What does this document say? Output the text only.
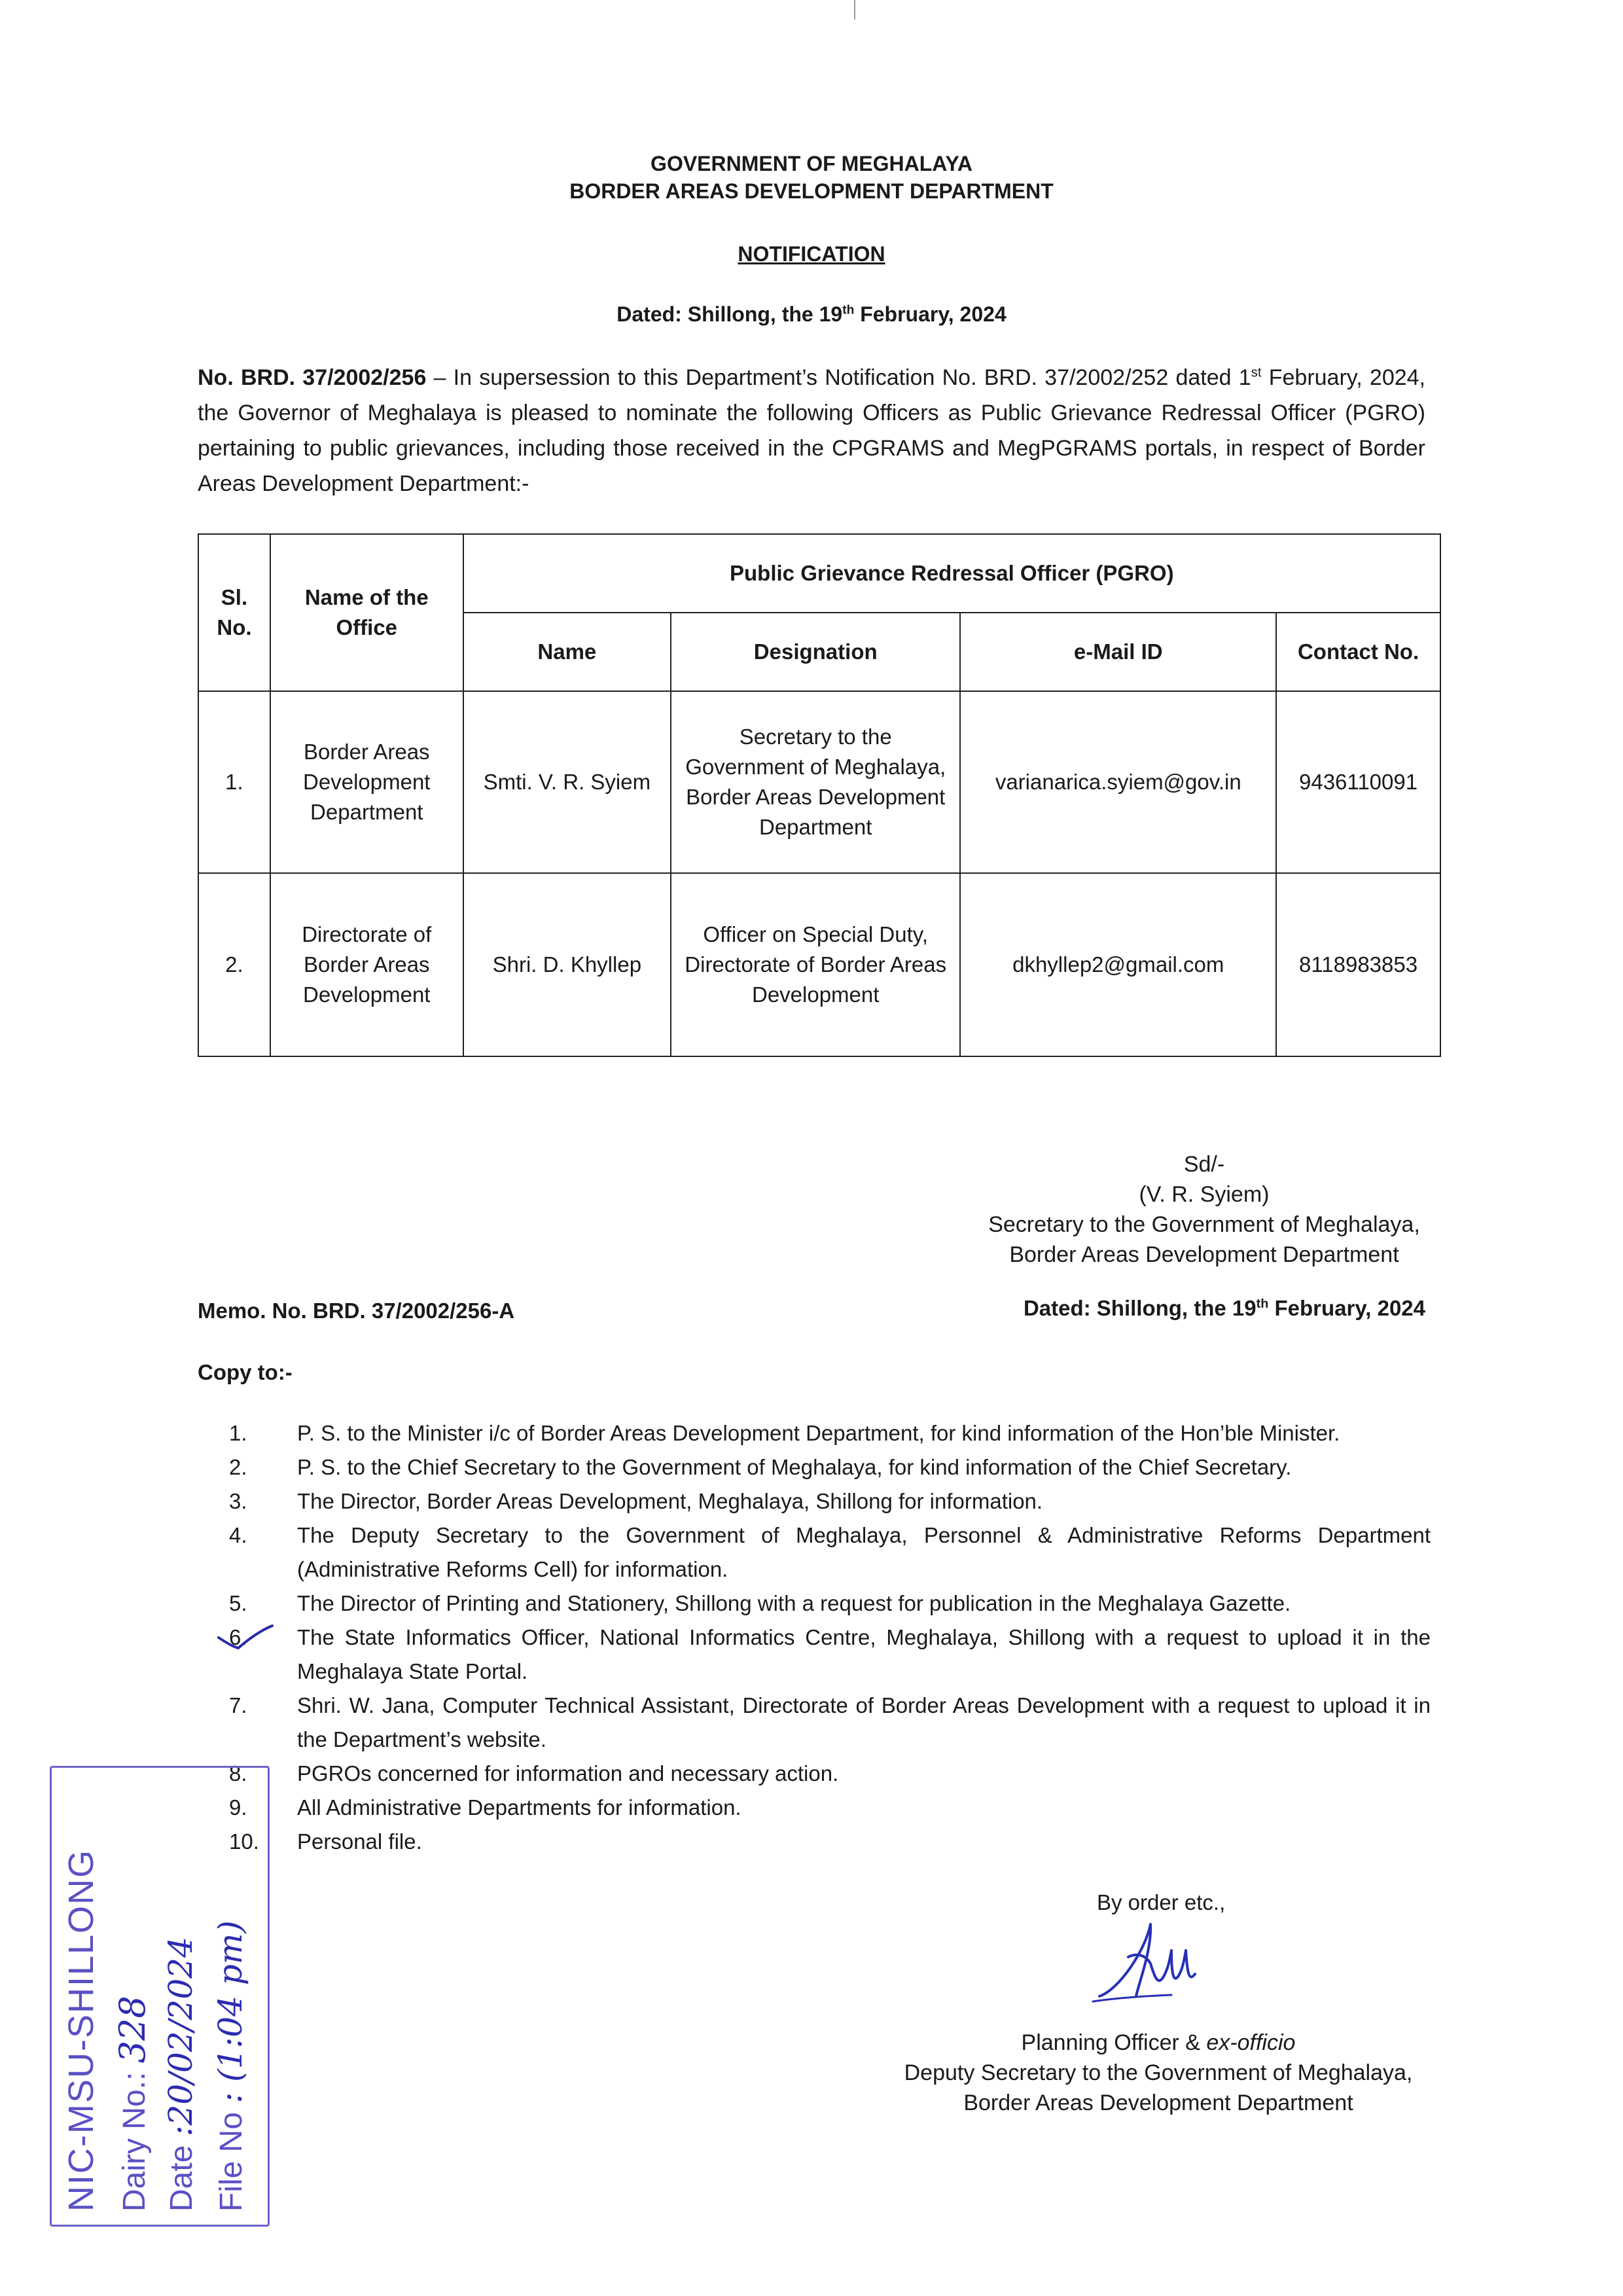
GOVERNMENT OF MEGHALAYA
BORDER AREAS DEVELOPMENT DEPARTMENT
NOTIFICATION
Dated: Shillong, the 19th February, 2024
No. BRD. 37/2002/256 – In supersession to this Department’s Notification No. BRD. 37/2002/252 dated 1st February, 2024, the Governor of Meghalaya is pleased to nominate the following Officers as Public Grievance Redressal Officer (PGRO) pertaining to public grievances, including those received in the CPGRAMS and MegPGRAMS portals, in respect of Border Areas Development Department:-
Sl. No.	Name of the Office	Public Grievance Redressal Officer (PGRO)			
		Name	Designation	e-Mail ID	Contact No.
1.	Border Areas Development Department	Smti. V. R. Syiem	Secretary to the Government of Meghalaya, Border Areas Development Department	varianarica.syiem@gov.in	9436110091
2.	Directorate of Border Areas Development	Shri. D. Khyllep	Officer on Special Duty, Directorate of Border Areas Development	dkhyllep2@gmail.com	8118983853
Sd/-
(V. R. Syiem)
Secretary to the Government of Meghalaya,
Border Areas Development Department
Memo. No. BRD. 37/2002/256-A	Dated: Shillong, the 19th February, 2024
Copy to:-
1.	P. S. to the Minister i/c of Border Areas Development Department, for kind information of the Hon’ble Minister.
2.	P. S. to the Chief Secretary to the Government of Meghalaya, for kind information of the Chief Secretary.
3.	The Director, Border Areas Development, Meghalaya, Shillong for information.
4.	The Deputy Secretary to the Government of Meghalaya, Personnel & Administrative Reforms Department (Administrative Reforms Cell) for information.
5.	The Director of Printing and Stationery, Shillong with a request for publication in the Meghalaya Gazette.
6.	The State Informatics Officer, National Informatics Centre, Meghalaya, Shillong with a request to upload it in the Meghalaya State Portal.
7.	Shri. W. Jana, Computer Technical Assistant, Directorate of Border Areas Development with a request to upload it in the Department’s website.
8.	PGROs concerned for information and necessary action.
9.	All Administrative Departments for information.
10.	Personal file.
By order etc.,
Planning Officer & ex-officio
Deputy Secretary to the Government of Meghalaya,
Border Areas Development Department
NIC-MSU-SHILLONG Dairy No.: 328
Date :20/02/2024
File No : (1:04 pm)
